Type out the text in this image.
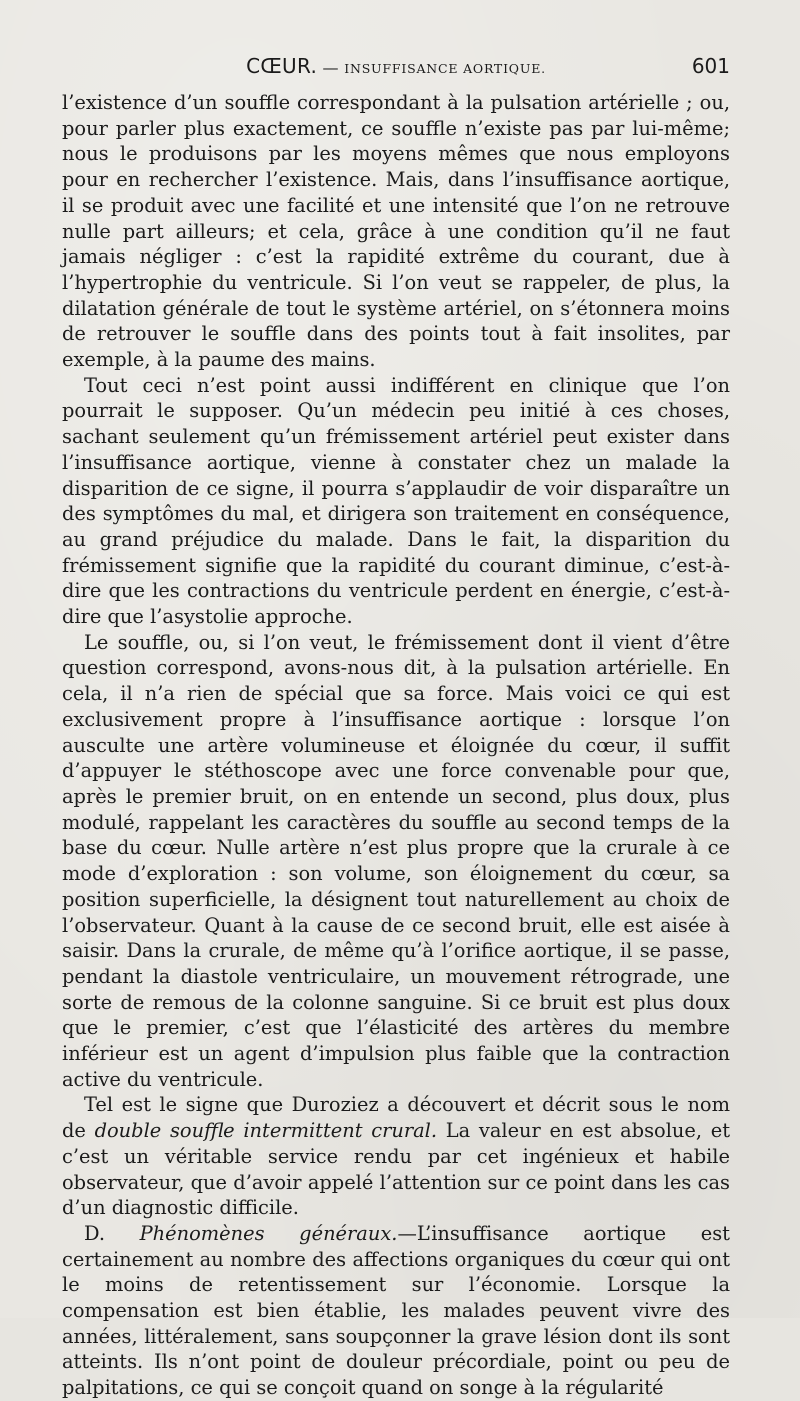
CŒUR. — INSUFFISANCE AORTIQUE.	601

l’existence d’un souffle correspondant à la pulsation artérielle ; ou, pour parler plus exactement, ce souffle n’existe pas par lui-même; nous le produisons par les moyens mêmes que nous employons pour en rechercher l’existence. Mais, dans l’insuffisance aortique, il se produit avec une facilité et une intensité que l’on ne retrouve nulle part ailleurs; et cela, grâce à une condition qu’il ne faut jamais négliger : c’est la rapidité extrême du courant, due à l’hypertrophie du ventricule. Si l’on veut se rappeler, de plus, la dilatation générale de tout le système artériel, on s’étonnera moins de retrouver le souffle dans des points tout à fait insolites, par exemple, à la paume des mains.

Tout ceci n’est point aussi indifférent en clinique que l’on pourrait le supposer. Qu’un médecin peu initié à ces choses, sachant seulement qu’un frémissement artériel peut exister dans l’insuffisance aortique, vienne à constater chez un malade la disparition de ce signe, il pourra s’applaudir de voir disparaître un des symptômes du mal, et dirigera son traitement en conséquence, au grand préjudice du malade. Dans le fait, la disparition du frémissement signifie que la rapidité du courant diminue, c’est-à-dire que les contractions du ventricule perdent en énergie, c’est-à-dire que l’asystolie approche.

Le souffle, ou, si l’on veut, le frémissement dont il vient d’être question correspond, avons-nous dit, à la pulsation artérielle. En cela, il n’a rien de spécial que sa force. Mais voici ce qui est exclusivement propre à l’insuffisance aortique : lorsque l’on ausculte une artère volumineuse et éloignée du cœur, il suffit d’appuyer le stéthoscope avec une force convenable pour que, après le premier bruit, on en entende un second, plus doux, plus modulé, rappelant les caractères du souffle au second temps de la base du cœur. Nulle artère n’est plus propre que la crurale à ce mode d’exploration : son volume, son éloignement du cœur, sa position superficielle, la désignent tout naturellement au choix de l’observateur. Quant à la cause de ce second bruit, elle est aisée à saisir. Dans la crurale, de même qu’à l’orifice aortique, il se passe, pendant la diastole ventriculaire, un mouvement rétrograde, une sorte de remous de la colonne sanguine. Si ce bruit est plus doux que le premier, c’est que l’élasticité des artères du membre inférieur est un agent d’impulsion plus faible que la contraction active du ventricule.

Tel est le signe que Duroziez a découvert et décrit sous le nom de double souffle intermittent crural. La valeur en est absolue, et c’est un véritable service rendu par cet ingénieux et habile observateur, que d’avoir appelé l’attention sur ce point dans les cas d’un diagnostic difficile.

D. Phénomènes généraux.—L’insuffisance aortique est certainement au nombre des affections organiques du cœur qui ont le moins de retentissement sur l’économie. Lorsque la compensation est bien établie, les malades peuvent vivre des années, littéralement, sans soupçonner la grave lésion dont ils sont atteints. Ils n’ont point de douleur précordiale, point ou peu de palpitations, ce qui se conçoit quand on songe à la régularité
